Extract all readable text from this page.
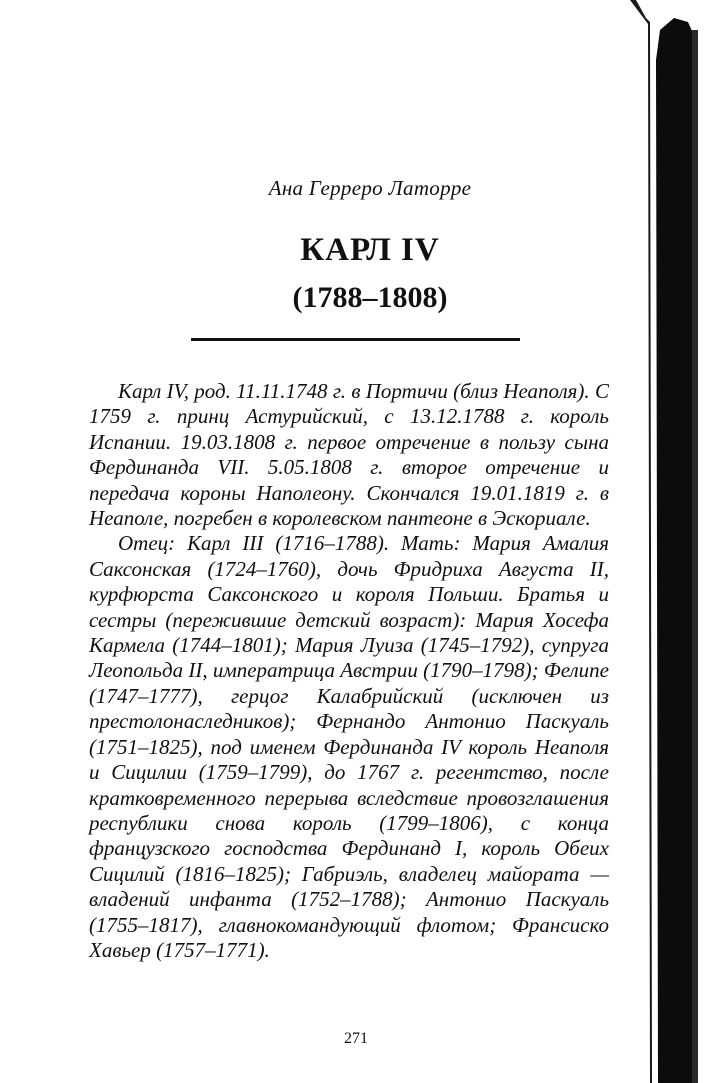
Ана Герреро Латорре
КАРЛ IV
(1788–1808)

Карл IV, род. 11.11.1748 г. в Портичи (близ Неаполя). С 1759 г. принц Астурийский, с 13.12.1788 г. король Испании. 19.03.1808 г. первое отречение в пользу сына Фердинанда VII. 5.05.1808 г. второе отречение и передача короны Наполеону. Скончался 19.01.1819 г. в Неаполе, погребен в королевском пантеоне в Эскориале.

Отец: Карл III (1716–1788). Мать: Мария Амалия Саксонская (1724–1760), дочь Фридриха Августа II, курфюрста Саксонского и короля Польши. Братья и сестры (пережившие детский возраст): Мария Хосефа Кармела (1744–1801); Мария Луиза (1745–1792), супруга Леопольда II, императрица Австрии (1790–1798); Фелипе (1747–1777), герцог Калабрийский (исключен из престолонаследников); Фернандо Антонио Паскуаль (1751–1825), под именем Фердинанда IV король Неаполя и Сицилии (1759–1799), до 1767 г. регентство, после кратковременного перерыва вследствие провозглашения республики снова король (1799–1806), с конца французского господства Фердинанд I, король Обеих Сицилий (1816–1825); Габриэль, владелец майората — владений инфанта (1752–1788); Антонио Паскуаль (1755–1817), главнокомандующий флотом; Франсиско Хавьер (1757–1771).

271
